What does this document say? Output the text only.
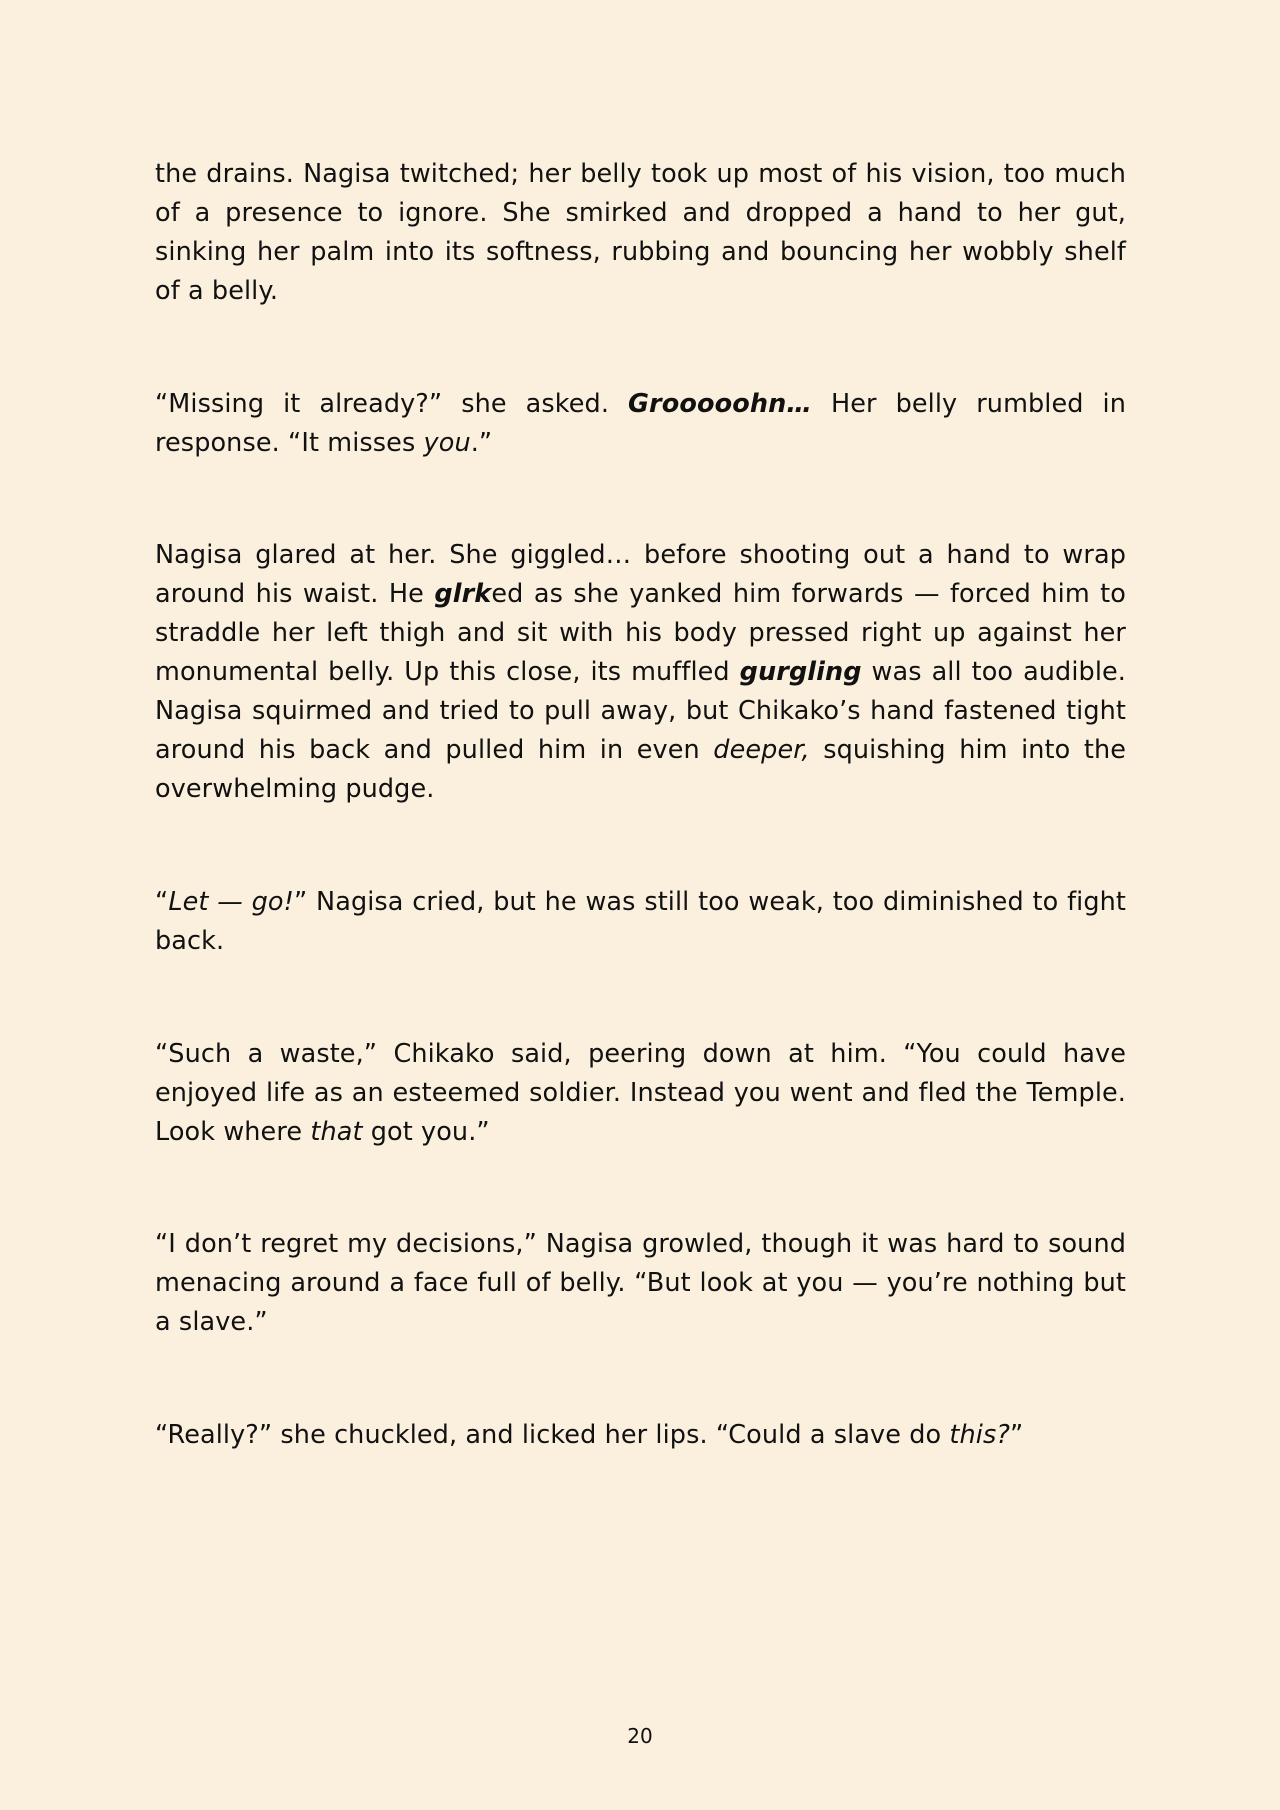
the drains. Nagisa twitched; her belly took up most of his vision, too much of a presence to ignore. She smirked and dropped a hand to her gut, sinking her palm into its softness, rubbing and bouncing her wobbly shelf of a belly.

“Missing it already?” she asked. Grooooohn… Her belly rumbled in response. “It misses you.”

Nagisa glared at her. She giggled… before shooting out a hand to wrap around his waist. He glrked as she yanked him forwards — forced him to straddle her left thigh and sit with his body pressed right up against her monumental belly. Up this close, its muffled gurgling was all too audible. Nagisa squirmed and tried to pull away, but Chikako’s hand fastened tight around his back and pulled him in even deeper, squishing him into the overwhelming pudge.

“Let — go!” Nagisa cried, but he was still too weak, too diminished to fight back.

“Such a waste,” Chikako said, peering down at him. “You could have enjoyed life as an esteemed soldier. Instead you went and fled the Temple. Look where that got you.”

“I don’t regret my decisions,” Nagisa growled, though it was hard to sound menacing around a face full of belly. “But look at you — you’re nothing but a slave.”

“Really?” she chuckled, and licked her lips. “Could a slave do this?”

20
